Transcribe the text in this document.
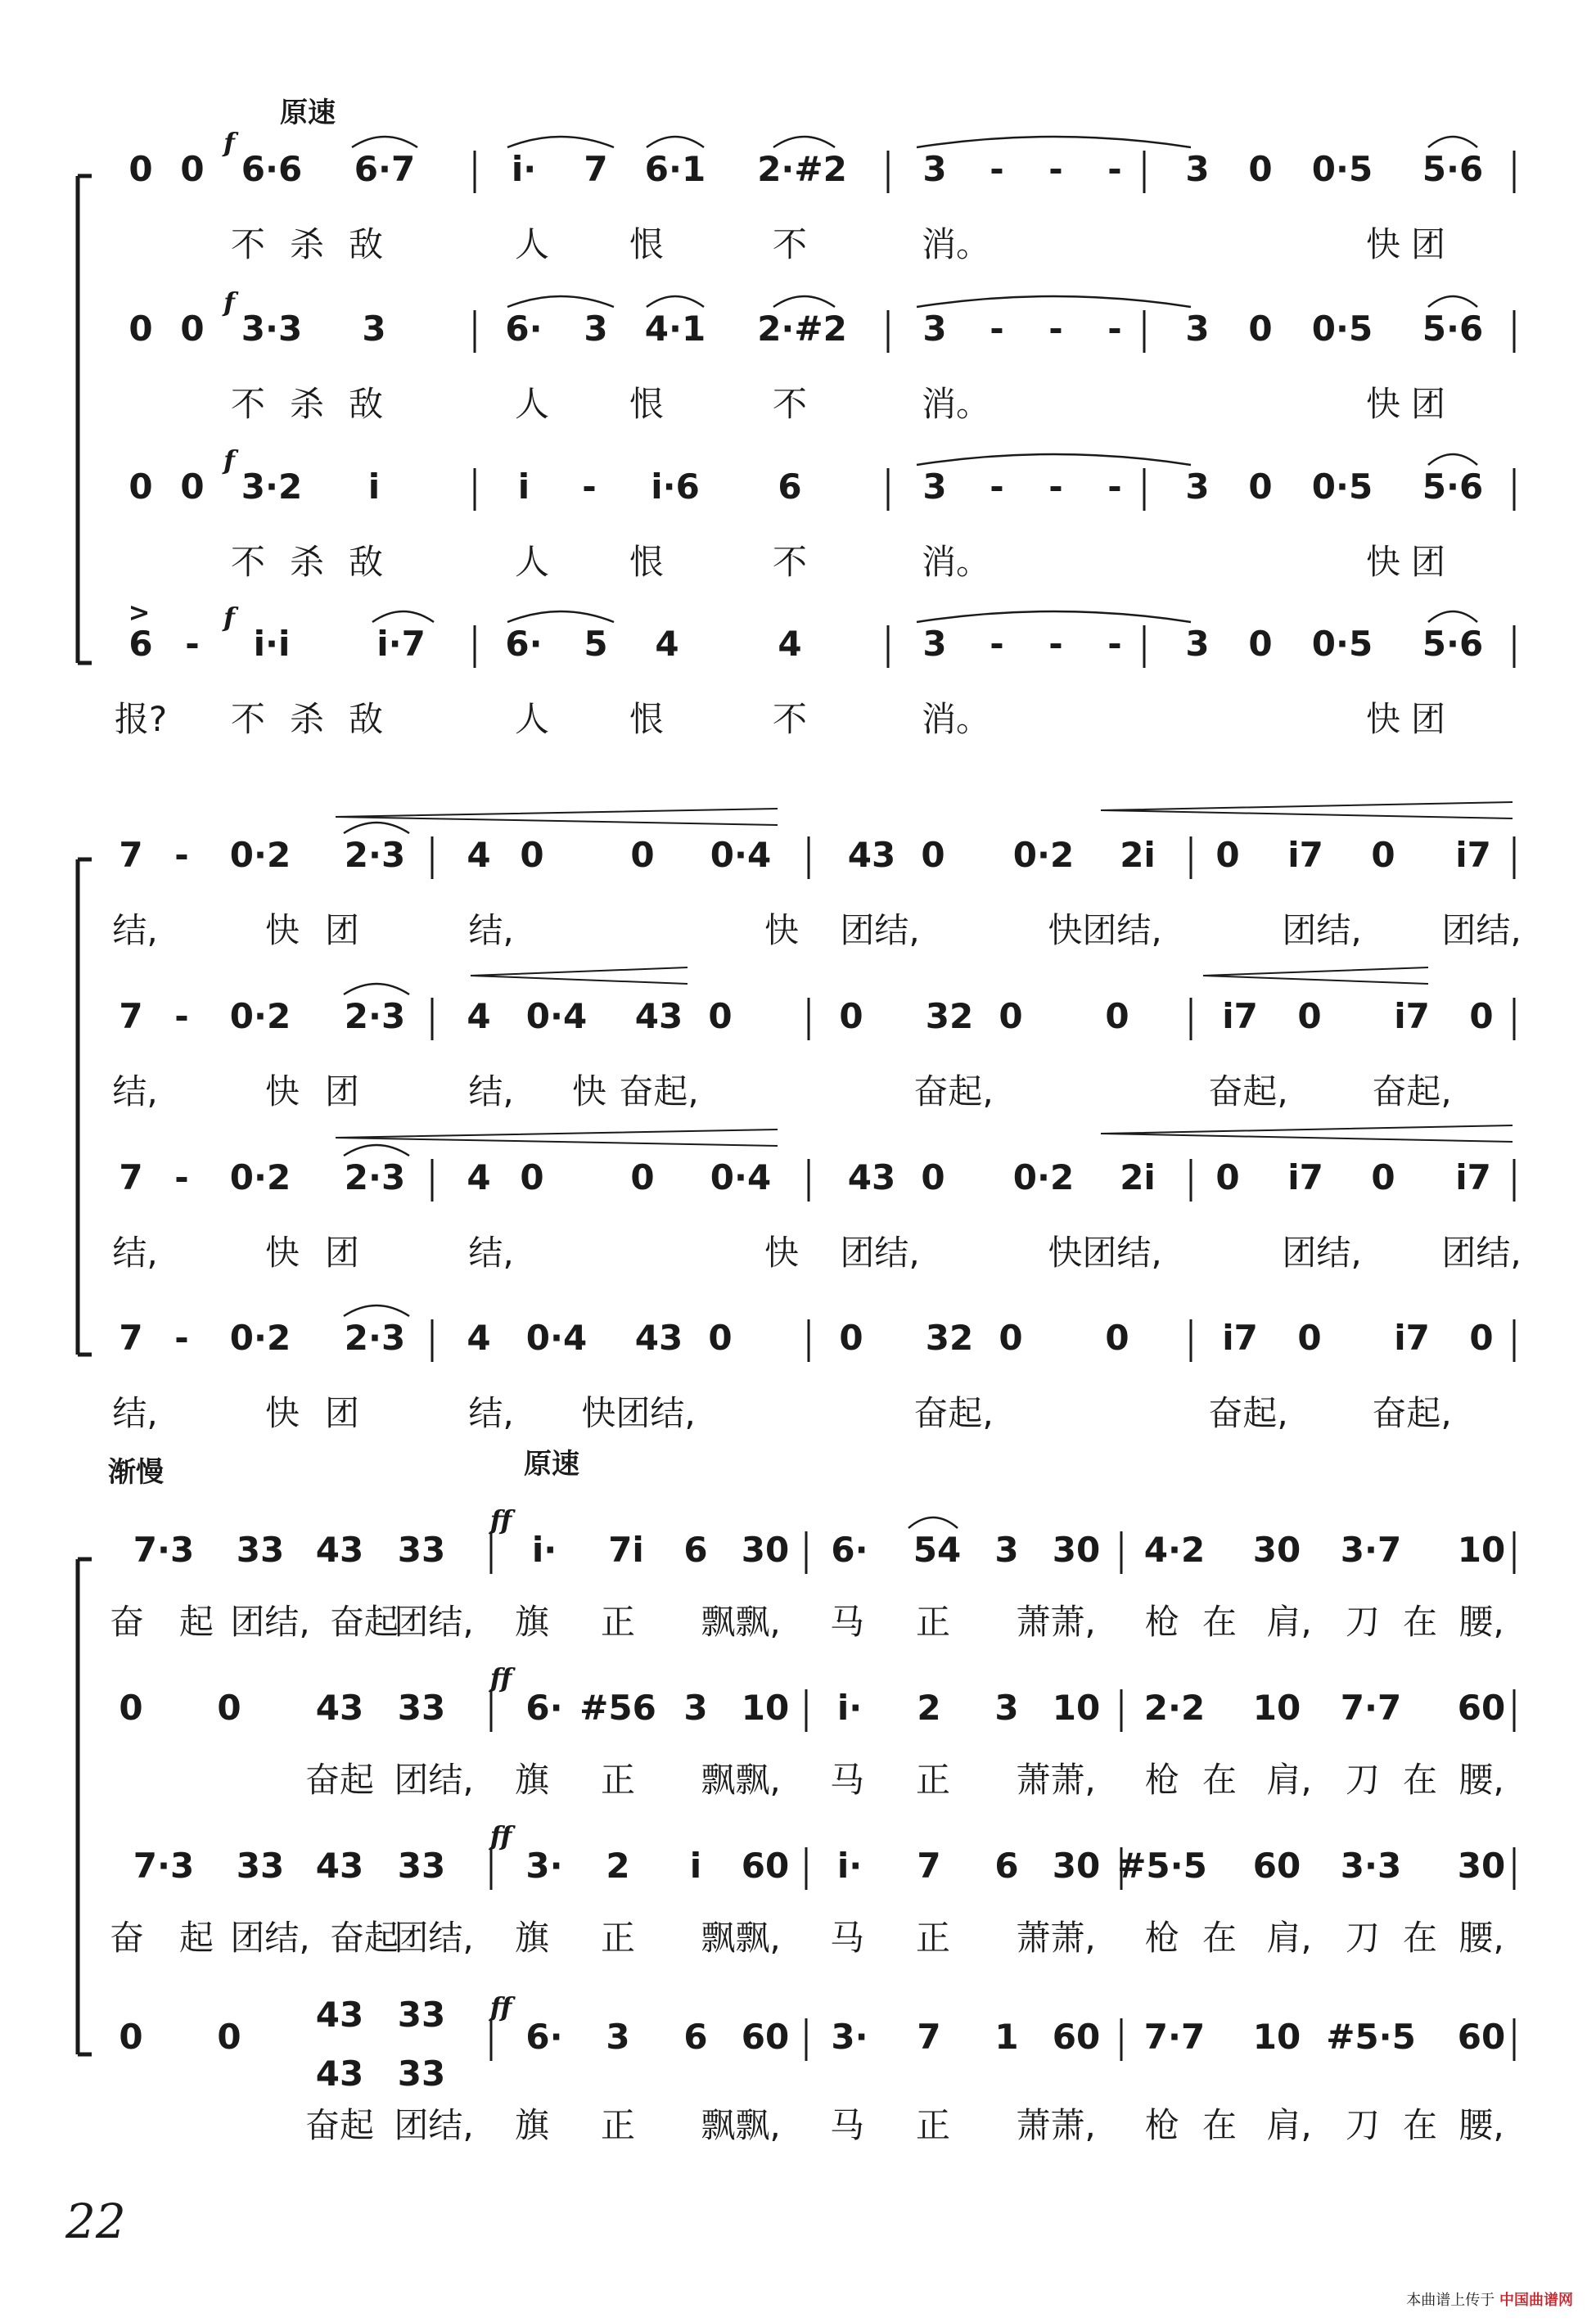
原速
0 0
f
6·6 6·7	i· 7 6·1 2·#2 3 - - - 3 0 0·5 5·6
不 杀 敌	人 恨	不	消。	快 团
0 0
f
3·3 3	6· 3 4·1 2·#2 3 - - - 3 0 0·5 5·6
不 杀 敌	人 恨	不	消。	快 团
0 0
f
3·2 i	i - i·6 6	3 - - - 3 0 0·5 5·6
不 杀 敌	人 恨	不	消。	快 团
>
6 -
f
i·i	i·7 6· 5 4	4	3 - - - 3 0 0·5 5·6
报? 不 杀 敌	人 恨	不	消。	快 团
7 - 0·2 2·3 4 0	0 0·4 43 0 0·2 2i 0 i7 0 i7
结,	快 团	结,	快 团结,	快团结,	团结, 团结,
7 - 0·2 2·3 4 0·4 43 0	0 32 0 0	i7 0 i7 0
结,	快 团	结, 快 奋起,	奋起,	奋起, 奋起,
7 - 0·2 2·3 4 0	0 0·4 43 0 0·2 2i 0 i7 0 i7
结,	快 团	结,	快 团结,	快团结,	团结, 团结,
7 - 0·2 2·3 4 0·4 43 0	0 32 0 0	i7 0 i7 0
结,	快 团	结, 快团结,	奋起,	奋起, 奋起,
渐慢	原速
7·3 33 43 33
ff
i· 7i 6 30 6· 54 3 30 4·2 30 3·7 10
奋 起 团结, 奋起
团结, 旗 正 飘飘, 马 正 萧萧, 枪 在 肩, 刀 在 腰,
0 0 43 33
ff
6· #56 3 10 i· 2 3 10 2·2 10 7·7 60
奋起 团结, 旗 正 飘飘, 马 正 萧萧, 枪 在 肩, 刀 在 腰,
7·3 33 43 33
ff
3· 2 i 60 i· 7 6 30 #5·5 60 3·3 30
奋 起 团结, 奋起
团结, 旗 正 飘飘, 马 正 萧萧, 枪 在 肩, 刀 在 腰,
0 0
43 33
43 33
ff
6· 3 6 60 3· 7 1 60 7·7 10 #5·5 60
奋起 团结, 旗 正 飘飘, 马 正 萧萧, 枪 在 肩, 刀 在 腰,
22
本曲谱上传于 中国曲谱网
